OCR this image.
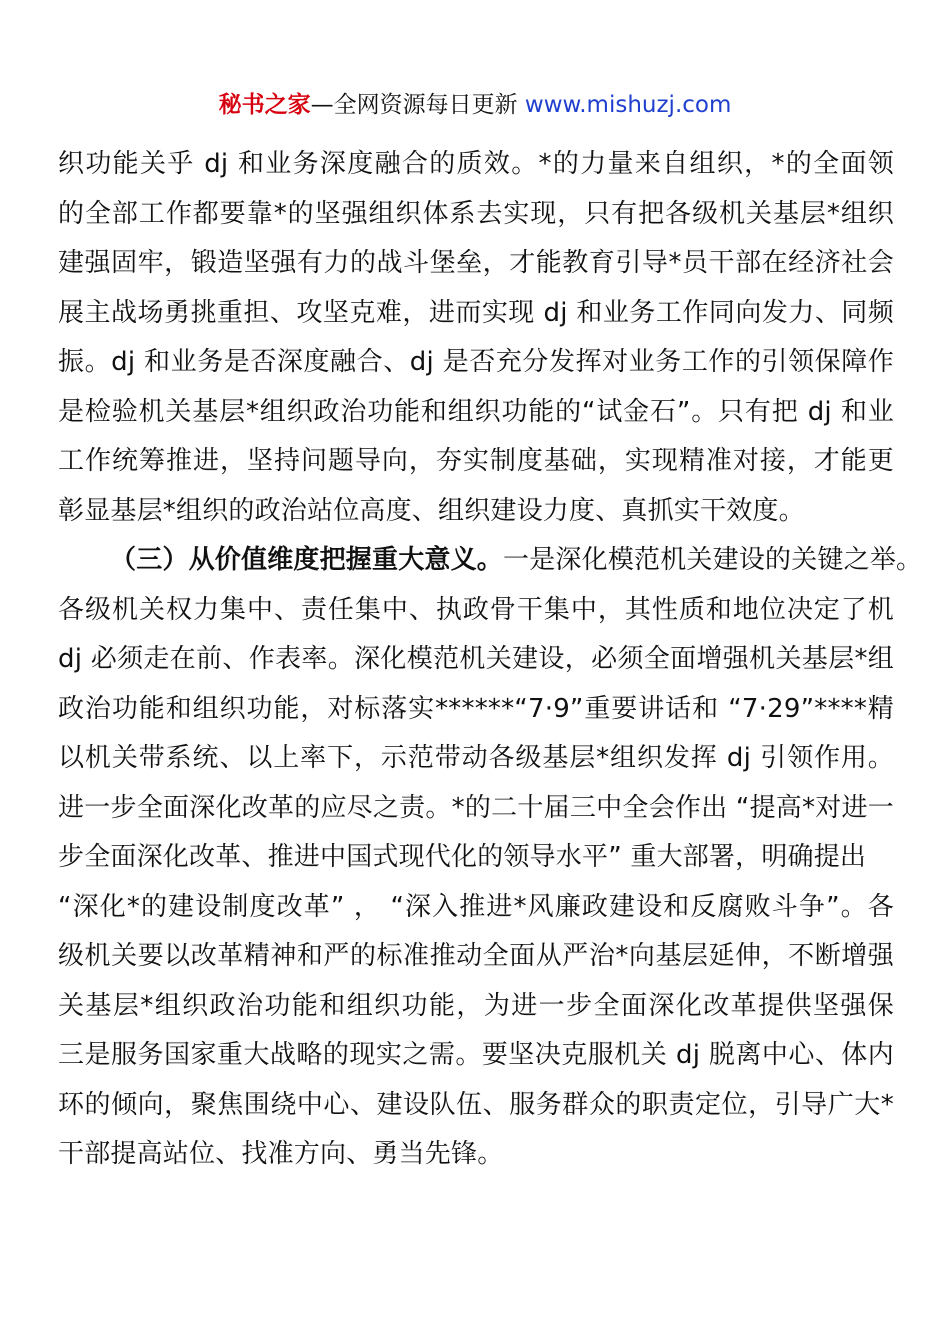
秘书之家—全网资源每日更新 www.mishuzj.com
织功能关乎 dj 和业务深度融合的质效。*的力量来自组织，*的全面领
的全部工作都要靠*的坚强组织体系去实现，只有把各级机关基层*组织
建强固牢，锻造坚强有力的战斗堡垒，才能教育引导*员干部在经济社会
展主战场勇挑重担、攻坚克难，进而实现 dj 和业务工作同向发力、同频
振。dj 和业务是否深度融合、dj 是否充分发挥对业务工作的引领保障作
是检验机关基层*组织政治功能和组织功能的“试金石”。只有把 dj 和业
工作统筹推进，坚持问题导向，夯实制度基础，实现精准对接，才能更
彰显基层*组织的政治站位高度、组织建设力度、真抓实干效度。
（三）从价值维度把握重大意义。一是深化模范机关建设的关键之举。
各级机关权力集中、责任集中、执政骨干集中，其性质和地位决定了机
dj 必须走在前、作表率。深化模范机关建设，必须全面增强机关基层*组
政治功能和组织功能，对标落实******“7·9”重要讲话和 “7·29”****精
以机关带系统、以上率下，示范带动各级基层*组织发挥 dj 引领作用。
进一步全面深化改革的应尽之责。*的二十届三中全会作出 “提高*对进一
步全面深化改革、推进中国式现代化的领导水平” 重大部署，明确提出
“深化*的建设制度改革” ， “深入推进*风廉政建设和反腐败斗争”。各
级机关要以改革精神和严的标准推动全面从严治*向基层延伸，不断增强
关基层*组织政治功能和组织功能，为进一步全面深化改革提供坚强保
三是服务国家重大战略的现实之需。要坚决克服机关 dj 脱离中心、体内
环的倾向，聚焦围绕中心、建设队伍、服务群众的职责定位，引导广大*
干部提高站位、找准方向、勇当先锋。
